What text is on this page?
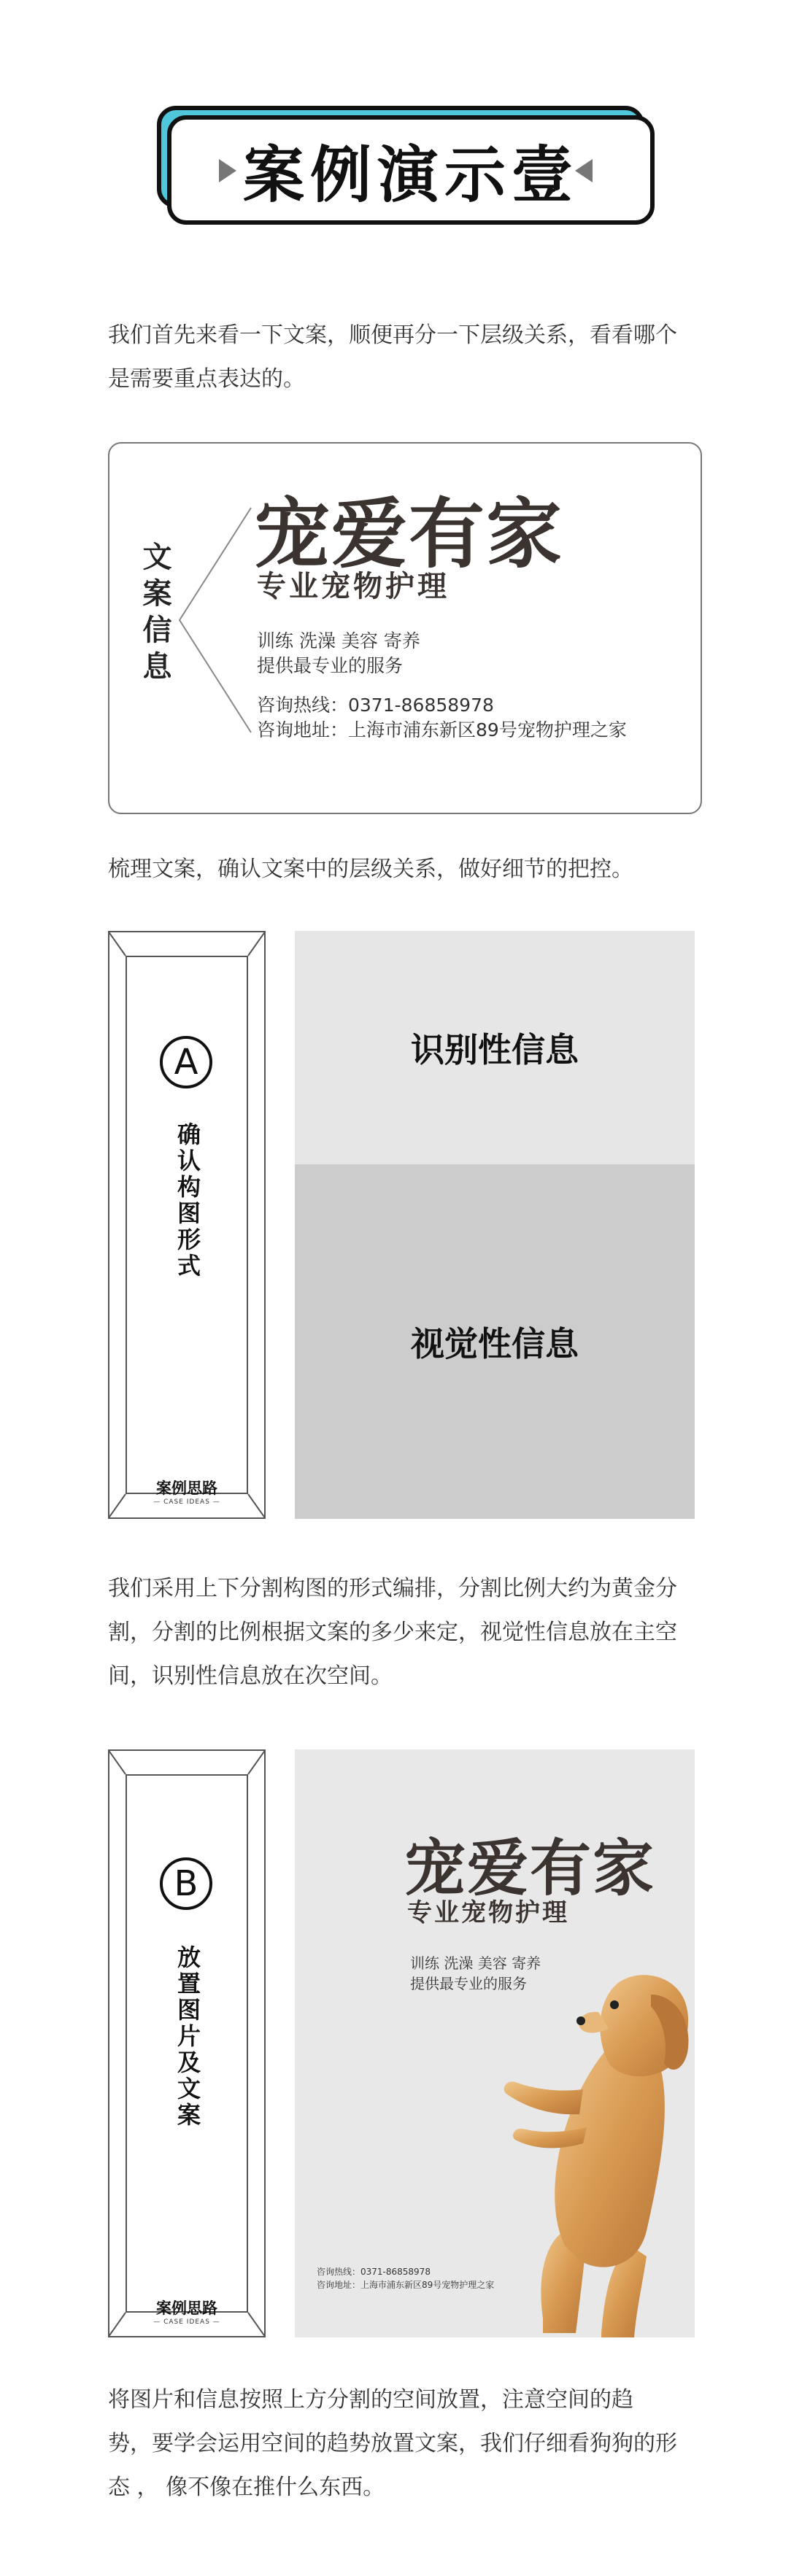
案例演示壹
我们首先来看一下文案，顺便再分一下层级关系，看看哪个
是需要重点表达的。
文案信息
宠爱有家
专业宠物护理
训练 洗澡 美容 寄养
提供最专业的服务
咨询热线：0371-86858978
咨询地址：上海市浦东新区89号宠物护理之家
梳理文案，确认文案中的层级关系，做好细节的把控。
A
确认构图形式
案例思路
— CASE IDEAS —
识别性信息
视觉性信息
我们采用上下分割构图的形式编排，分割比例大约为黄金分
割，分割的比例根据文案的多少来定，视觉性信息放在主空
间，识别性信息放在次空间。
B
放置图片及文案
案例思路
— CASE IDEAS —
宠爱有家
专业宠物护理
训练 洗澡 美容 寄养
提供最专业的服务
咨询热线：0371-86858978
咨询地址：上海市浦东新区89号宠物护理之家
将图片和信息按照上方分割的空间放置，注意空间的趋
势，要学会运用空间的趋势放置文案，我们仔细看狗狗的形
态 ， 像不像在推什么东西。
